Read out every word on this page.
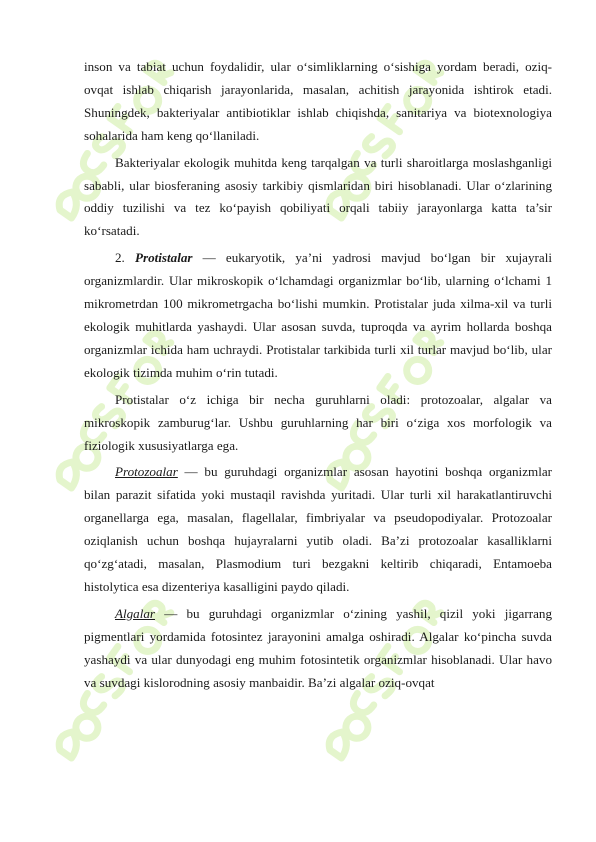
inson va tabiat uchun foydalidir, ular o‘simliklarning o‘sishiga yordam beradi, oziq-ovqat ishlab chiqarish jarayonlarida, masalan, achitish jarayonida ishtirok etadi. Shuningdek, bakteriyalar antibiotiklar ishlab chiqishda, sanitariya va biotexnologiya sohalarida ham keng qo‘llaniladi.

Bakteriyalar ekologik muhitda keng tarqalgan va turli sharoitlarga moslashganligi sababli, ular biosferaning asosiy tarkibiy qismlaridan biri hisoblanadi. Ular o‘zlarining oddiy tuzilishi va tez ko‘payish qobiliyati orqali tabiiy jarayonlarga katta ta’sir ko‘rsatadi.

2. Protistalar — eukaryotik, ya’ni yadrosi mavjud bo‘lgan bir xujayrali organizmlardir. Ular mikroskopik o‘lchamdagi organizmlar bo‘lib, ularning o‘lchami 1 mikrometrdan 100 mikrometrgacha bo‘lishi mumkin. Protistalar juda xilma-xil va turli ekologik muhitlarda yashaydi. Ular asosan suvda, tuproqda va ayrim hollarda boshqa organizmlar ichida ham uchraydi. Protistalar tarkibida turli xil turlar mavjud bo‘lib, ular ekologik tizimda muhim o‘rin tutadi.

Protistalar o‘z ichiga bir necha guruhlarni oladi: protozoalar, algalar va mikroskopik zamburug‘lar. Ushbu guruhlarning har biri o‘ziga xos morfologik va fiziologik xususiyatlarga ega.

Protozoalar — bu guruhdagi organizmlar asosan hayotini boshqa organizmlar bilan parazit sifatida yoki mustaqil ravishda yuritadi. Ular turli xil harakatlantiruvchi organellarga ega, masalan, flagellalar, fimbriyalar va pseudopodiyalar. Protozoalar oziqlanish uchun boshqa hujayralarni yutib oladi. Ba’zi protozoalar kasalliklarni qo‘zg‘atadi, masalan, Plasmodium turi bezgakni keltirib chiqaradi, Entamoeba histolytica esa dizenteriya kasalligini paydo qiladi.

Algalar — bu guruhdagi organizmlar o‘zining yashil, qizil yoki jigarrang pigmentlari yordamida fotosintez jarayonini amalga oshiradi. Algalar ko‘pincha suvda yashaydi va ular dunyodagi eng muhim fotosintetik organizmlar hisoblanadi. Ular havo va suvdagi kislorodning asosiy manbaidir. Ba’zi algalar oziq-ovqat
